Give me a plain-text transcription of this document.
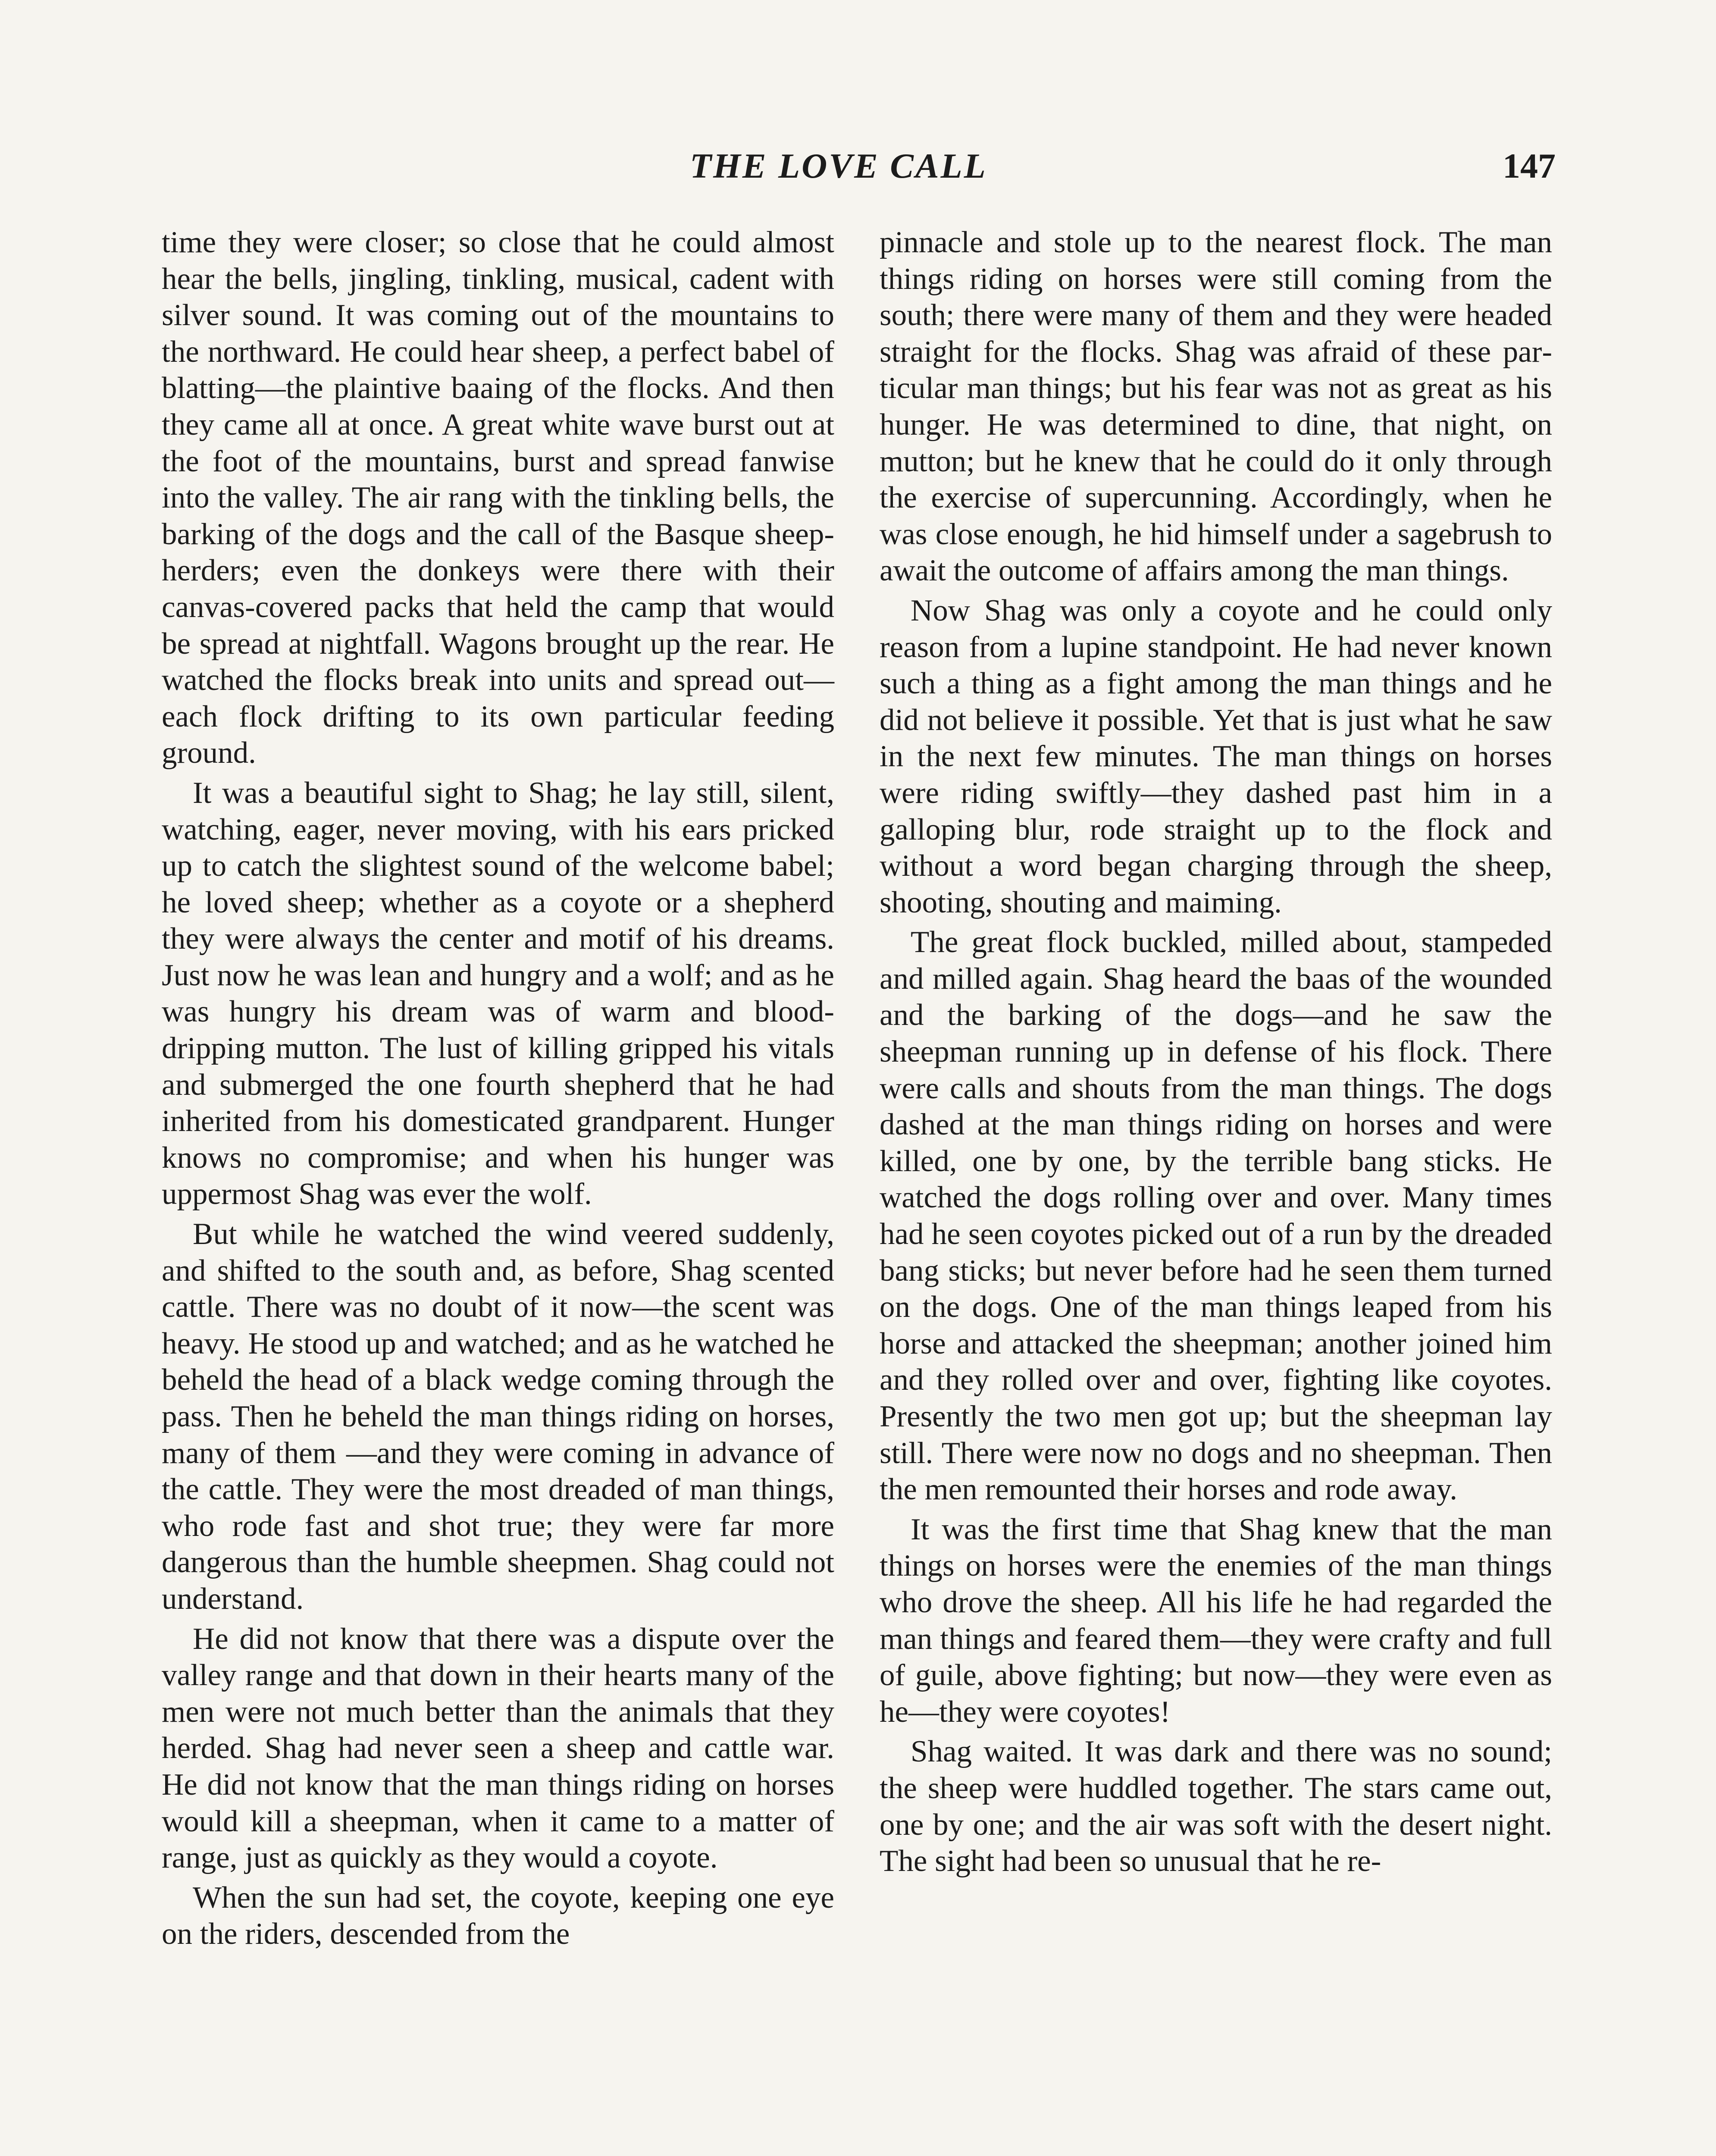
THE LOVE CALL	147

time they were closer; so close that he could almost hear the bells, jingling, tinkling, musical, cadent with silver sound. It was coming out of the mountains to the northward. He could hear sheep, a perfect babel of blatting—the plaintive baaing of the flocks. And then they came all at once. A great white wave burst out at the foot of the mountains, burst and spread fanwise into the valley. The air rang with the tinkling bells, the barking of the dogs and the call of the Basque sheep-herders; even the donkeys were there with their canvas-covered packs that held the camp that would be spread at nightfall. Wagons brought up the rear. He watched the flocks break into units and spread out—each flock drifting to its own particular feeding ground.

It was a beautiful sight to Shag; he lay still, silent, watching, eager, never moving, with his ears pricked up to catch the slightest sound of the welcome babel; he loved sheep; whether as a coyote or a shepherd they were always the center and motif of his dreams. Just now he was lean and hungry and a wolf; and as he was hungry his dream was of warm and blood-dripping mutton. The lust of killing gripped his vitals and submerged the one fourth shepherd that he had inherited from his domesticated grandparent. Hunger knows no compromise; and when his hunger was uppermost Shag was ever the wolf.

But while he watched the wind veered suddenly, and shifted to the south and, as before, Shag scented cattle. There was no doubt of it now—the scent was heavy. He stood up and watched; and as he watched he beheld the head of a black wedge coming through the pass. Then he beheld the man things riding on horses, many of them —and they were coming in advance of the cattle. They were the most dreaded of man things, who rode fast and shot true; they were far more dangerous than the humble sheepmen. Shag could not understand.

He did not know that there was a dispute over the valley range and that down in their hearts many of the men were not much better than the animals that they herded. Shag had never seen a sheep and cattle war. He did not know that the man things riding on horses would kill a sheepman, when it came to a matter of range, just as quickly as they would a coyote.

When the sun had set, the coyote, keeping one eye on the riders, descended from the

pinnacle and stole up to the nearest flock. The man things riding on horses were still coming from the south; there were many of them and they were headed straight for the flocks. Shag was afraid of these particular man things; but his fear was not as great as his hunger. He was determined to dine, that night, on mutton; but he knew that he could do it only through the exercise of supercunning. Accordingly, when he was close enough, he hid himself under a sagebrush to await the outcome of affairs among the man things.

Now Shag was only a coyote and he could only reason from a lupine standpoint. He had never known such a thing as a fight among the man things and he did not believe it possible. Yet that is just what he saw in the next few minutes. The man things on horses were riding swiftly—they dashed past him in a galloping blur, rode straight up to the flock and without a word began charging through the sheep, shooting, shouting and maiming.

The great flock buckled, milled about, stampeded and milled again. Shag heard the baas of the wounded and the barking of the dogs—and he saw the sheepman running up in defense of his flock. There were calls and shouts from the man things. The dogs dashed at the man things riding on horses and were killed, one by one, by the terrible bang sticks. He watched the dogs rolling over and over. Many times had he seen coyotes picked out of a run by the dreaded bang sticks; but never before had he seen them turned on the dogs. One of the man things leaped from his horse and attacked the sheepman; another joined him and they rolled over and over, fighting like coyotes. Presently the two men got up; but the sheepman lay still. There were now no dogs and no sheepman. Then the men remounted their horses and rode away.

It was the first time that Shag knew that the man things on horses were the enemies of the man things who drove the sheep. All his life he had regarded the man things and feared them—they were crafty and full of guile, above fighting; but now—they were even as he—they were coyotes!

Shag waited. It was dark and there was no sound; the sheep were huddled together. The stars came out, one by one; and the air was soft with the desert night. The sight had been so unusual that he re-
